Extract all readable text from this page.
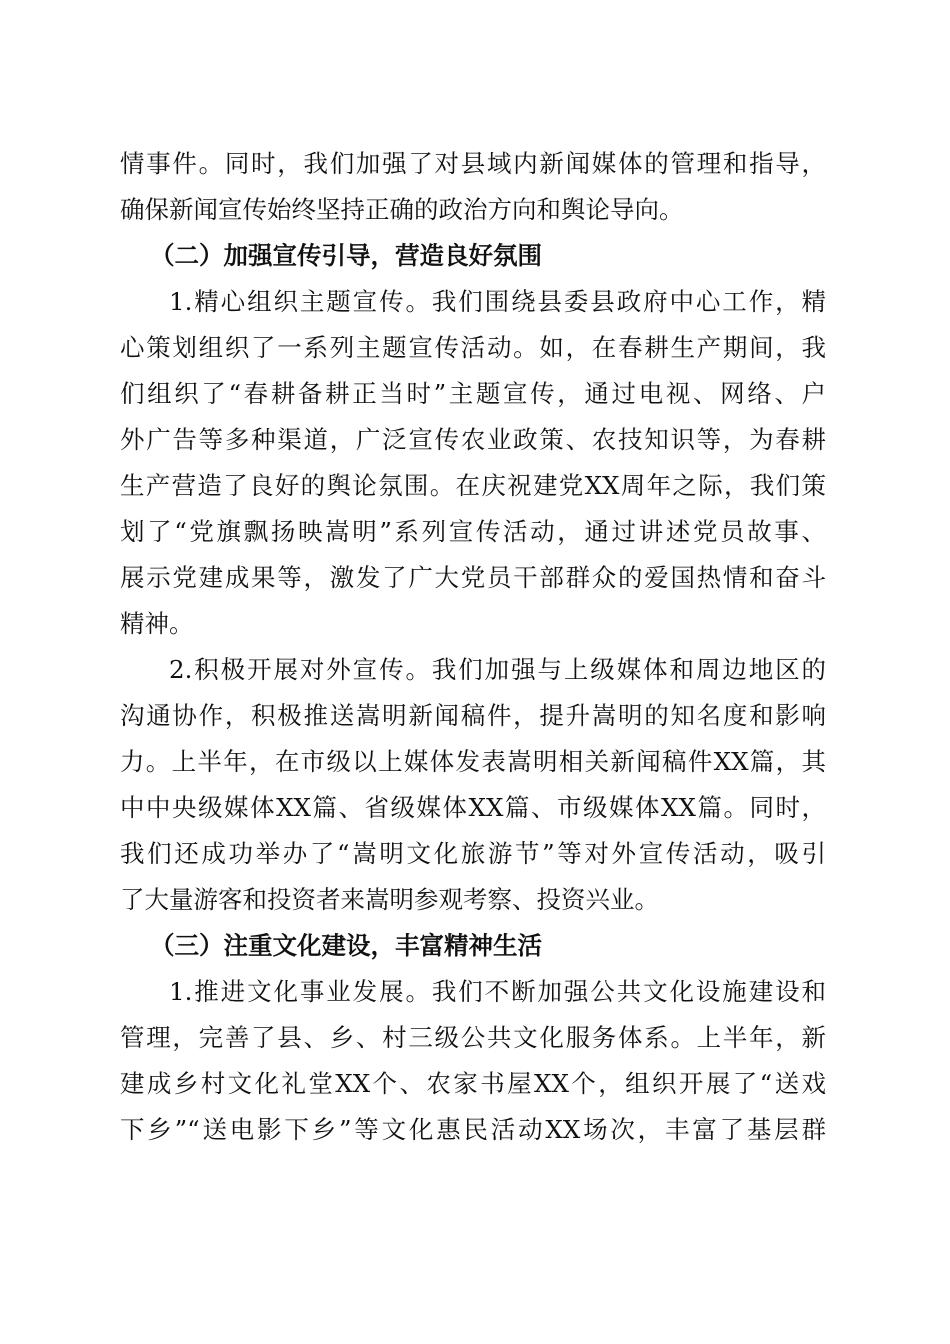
情事件。同时，我们加强了对县域内新闻媒体的管理和指导，
确保新闻宣传始终坚持正确的政治方向和舆论导向。
（二）加强宣传引导，营造良好氛围
1.精心组织主题宣传。我们围绕县委县政府中心工作，精
心策划组织了一系列主题宣传活动。如，在春耕生产期间，我
们组织了“春耕备耕正当时”主题宣传，通过电视、网络、户
外广告等多种渠道，广泛宣传农业政策、农技知识等，为春耕
生产营造了良好的舆论氛围。在庆祝建党XX周年之际，我们策
划了“党旗飘扬映嵩明”系列宣传活动，通过讲述党员故事、
展示党建成果等，激发了广大党员干部群众的爱国热情和奋斗
精神。
2.积极开展对外宣传。我们加强与上级媒体和周边地区的
沟通协作，积极推送嵩明新闻稿件，提升嵩明的知名度和影响
力。上半年，在市级以上媒体发表嵩明相关新闻稿件XX篇，其
中中央级媒体XX篇、省级媒体XX篇、市级媒体XX篇。同时，
我们还成功举办了“嵩明文化旅游节”等对外宣传活动，吸引
了大量游客和投资者来嵩明参观考察、投资兴业。
（三）注重文化建设，丰富精神生活
1.推进文化事业发展。我们不断加强公共文化设施建设和
管理，完善了县、乡、村三级公共文化服务体系。上半年，新
建成乡村文化礼堂XX个、农家书屋XX个，组织开展了“送戏
下乡”“送电影下乡”等文化惠民活动XX场次，丰富了基层群
